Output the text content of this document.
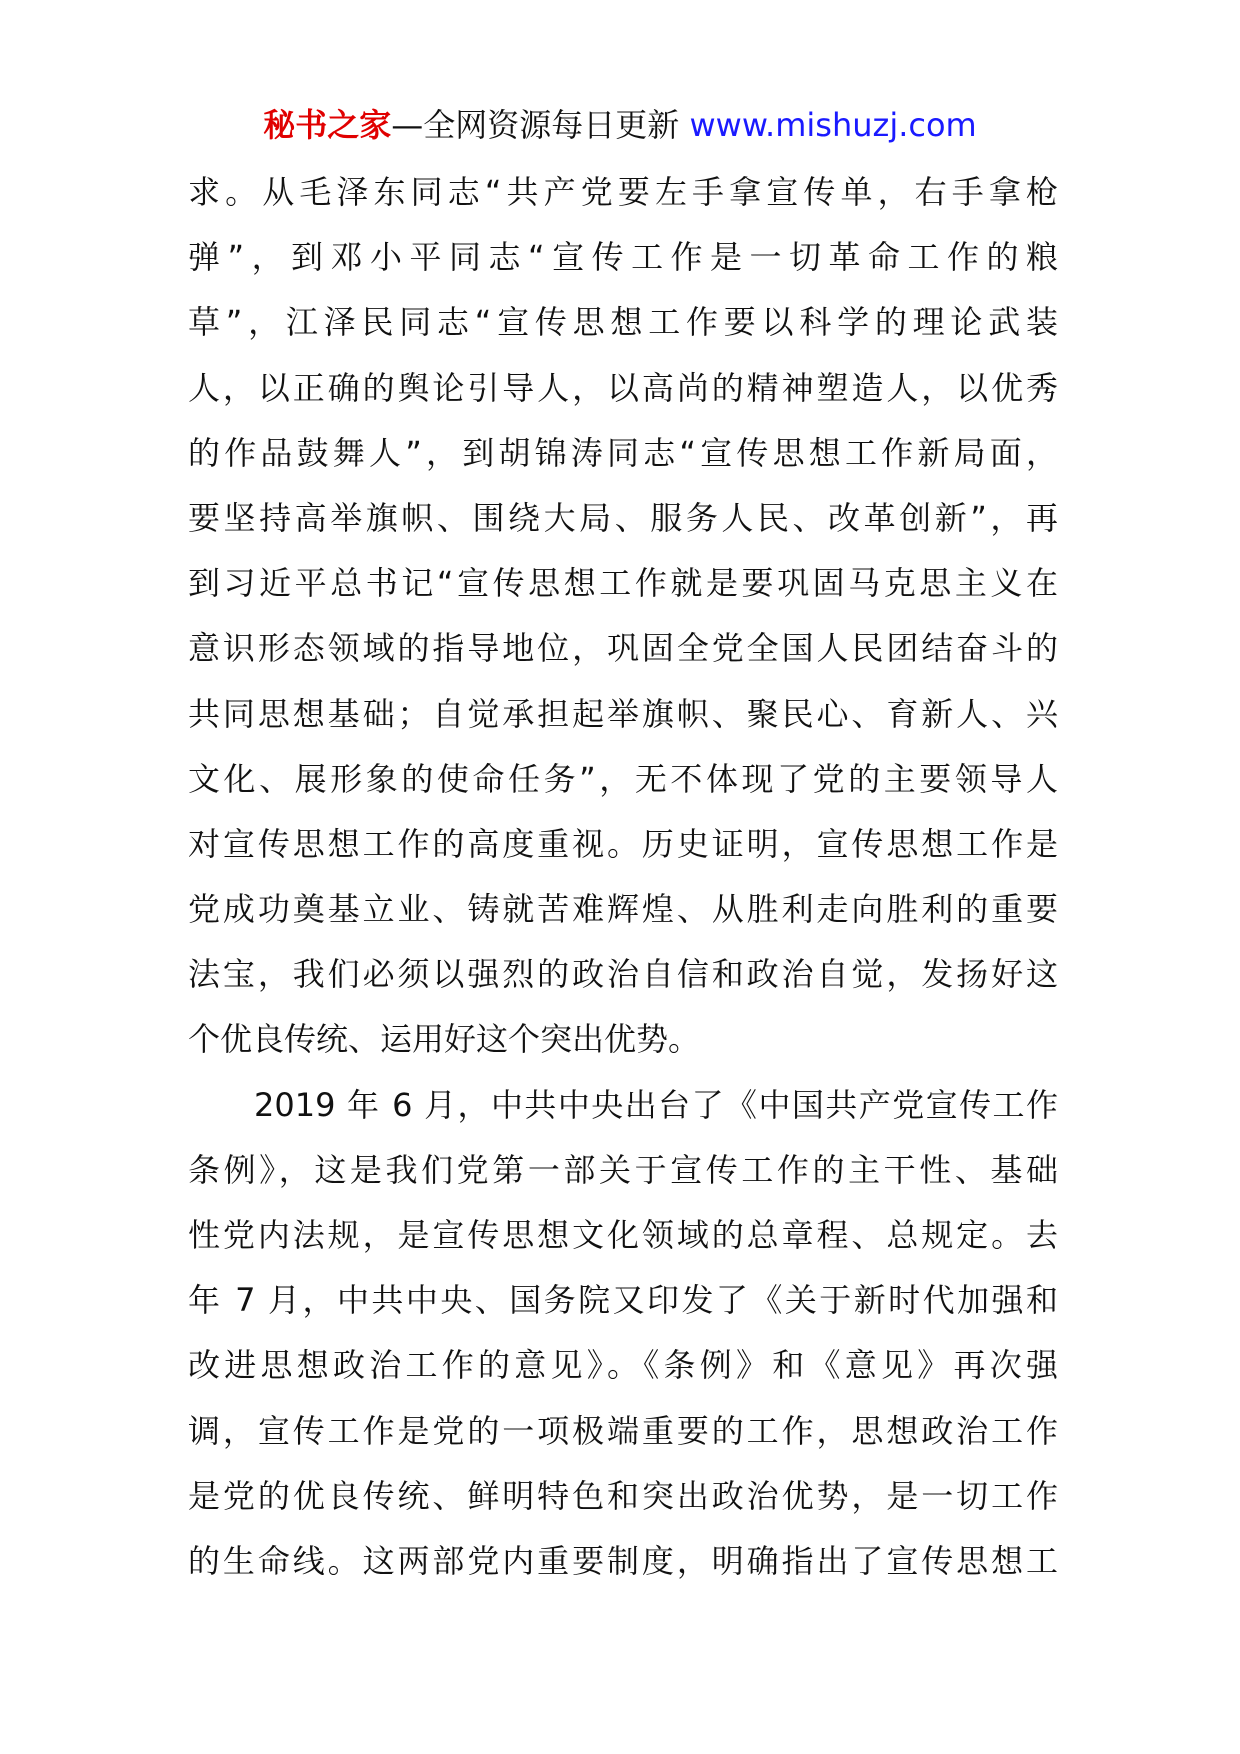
秘书之家—全网资源每日更新 www.mishuzj.com
求。从毛泽东同志“共产党要左手拿宣传单，右手拿枪
弹”，到邓小平同志“宣传工作是一切革命工作的粮
草”，江泽民同志“宣传思想工作要以科学的理论武装
人，以正确的舆论引导人，以高尚的精神塑造人，以优秀
的作品鼓舞人”，到胡锦涛同志“宣传思想工作新局面，
要坚持高举旗帜、围绕大局、服务人民、改革创新”，再
到习近平总书记“宣传思想工作就是要巩固马克思主义在
意识形态领域的指导地位，巩固全党全国人民团结奋斗的
共同思想基础；自觉承担起举旗帜、聚民心、育新人、兴
文化、展形象的使命任务”，无不体现了党的主要领导人
对宣传思想工作的高度重视。历史证明，宣传思想工作是
党成功奠基立业、铸就苦难辉煌、从胜利走向胜利的重要
法宝，我们必须以强烈的政治自信和政治自觉，发扬好这
个优良传统、运用好这个突出优势。
2019 年 6 月，中共中央出台了《中国共产党宣传工作
条例》，这是我们党第一部关于宣传工作的主干性、基础
性党内法规，是宣传思想文化领域的总章程、总规定。去
年 7 月，中共中央、国务院又印发了《关于新时代加强和
改进思想政治工作的意见》。《条例》和《意见》再次强
调，宣传工作是党的一项极端重要的工作，思想政治工作
是党的优良传统、鲜明特色和突出政治优势，是一切工作
的生命线。这两部党内重要制度，明确指出了宣传思想工
